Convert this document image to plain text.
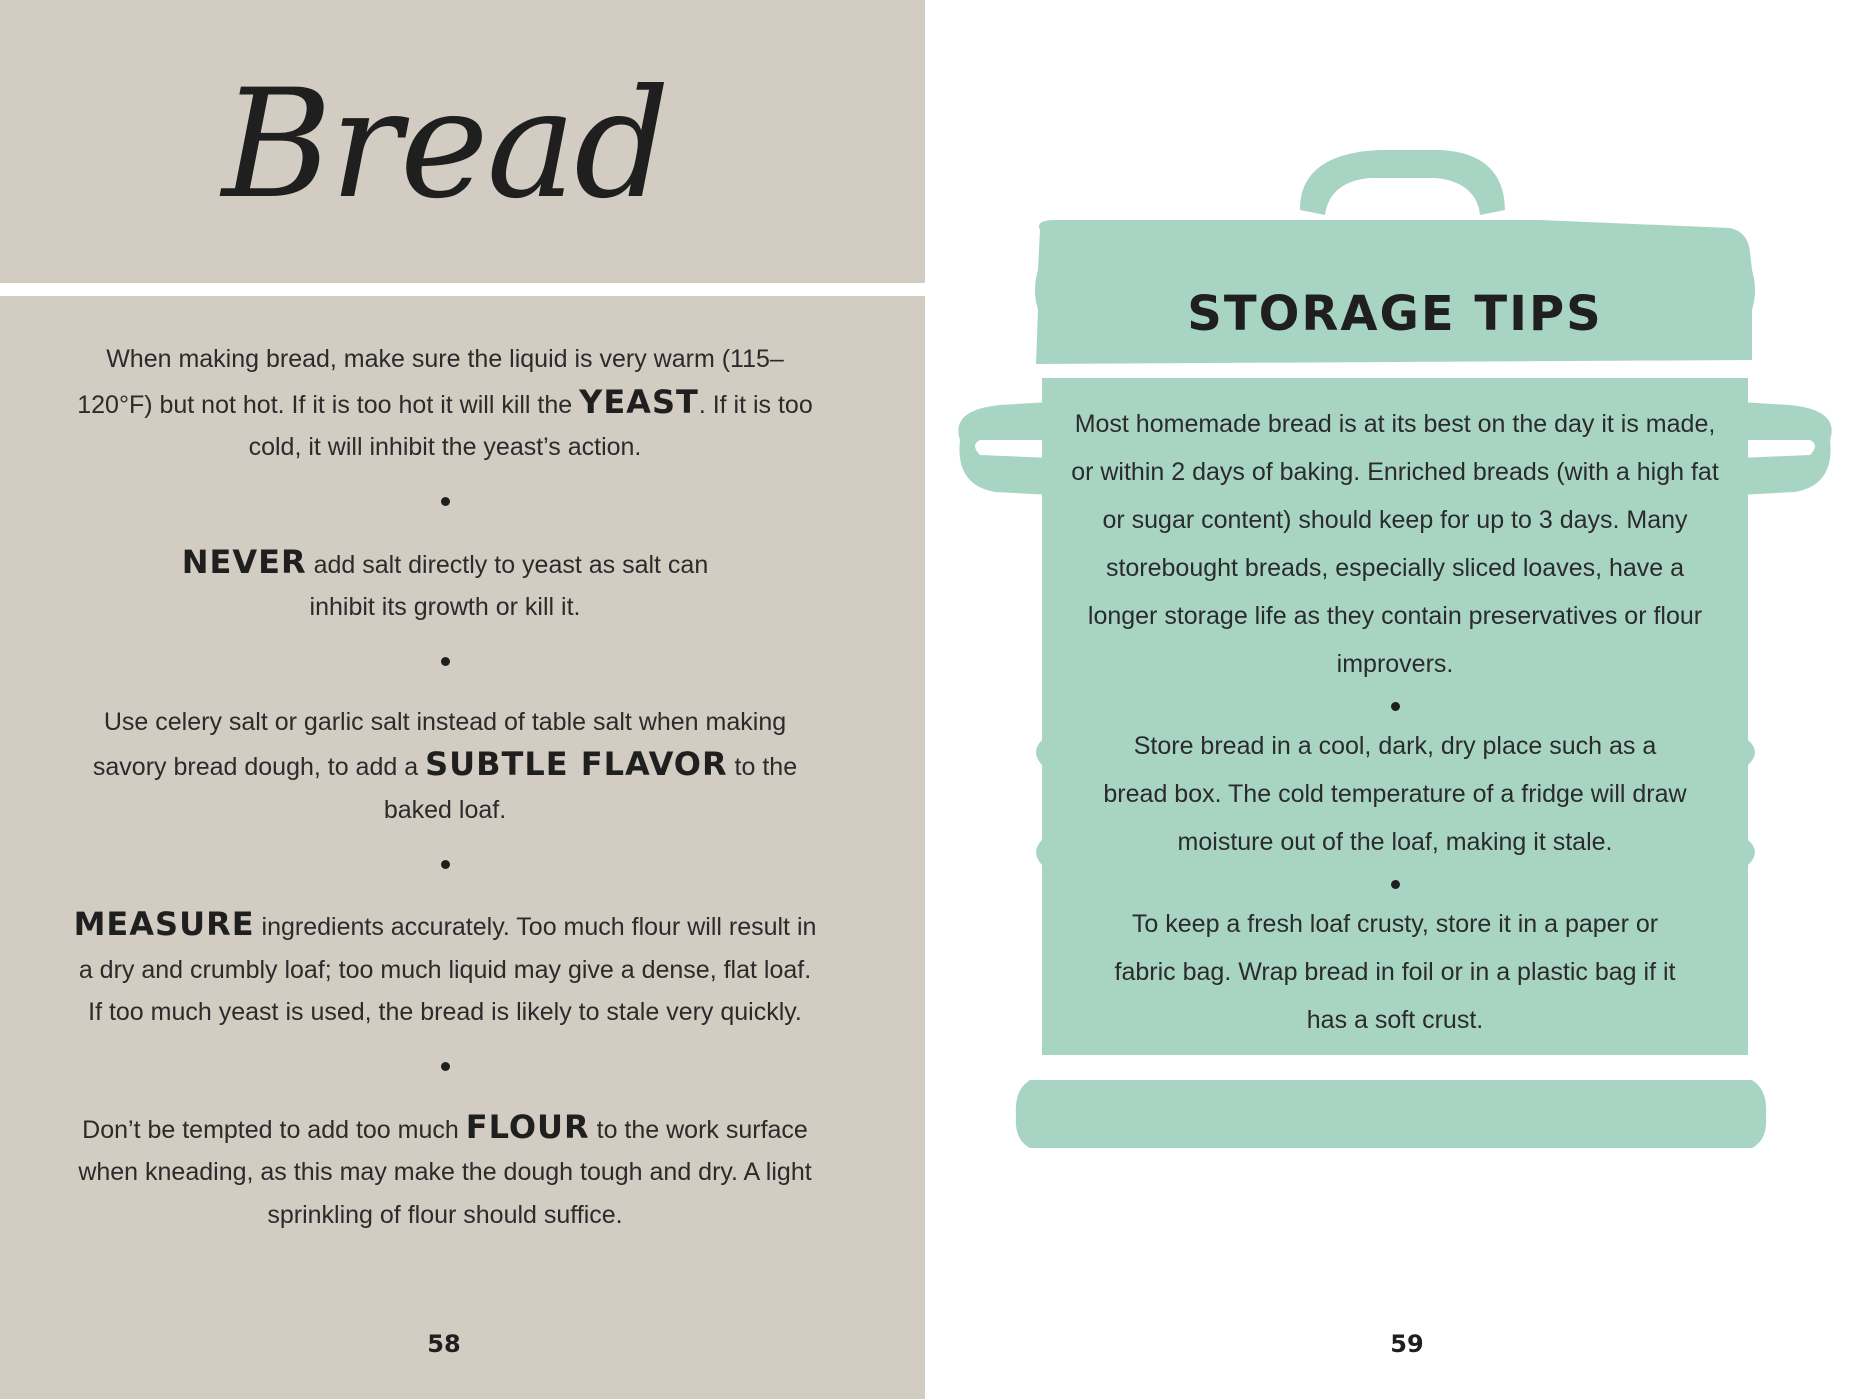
Bread

When making bread, make sure the liquid is very warm (115–120°F) but not hot. If it is too hot it will kill the YEAST. If it is too cold, it will inhibit the yeast’s action.

NEVER add salt directly to yeast as salt can inhibit its growth or kill it.

Use celery salt or garlic salt instead of table salt when making savory bread dough, to add a SUBTLE FLAVOR to the baked loaf.

MEASURE ingredients accurately. Too much flour will result in a dry and crumbly loaf; too much liquid may give a dense, flat loaf. If too much yeast is used, the bread is likely to stale very quickly.

Don’t be tempted to add too much FLOUR to the work surface when kneading, as this may make the dough tough and dry. A light sprinkling of flour should suffice.

58
STORAGE TIPS

Most homemade bread is at its best on the day it is made, or within 2 days of baking. Enriched breads (with a high fat or sugar content) should keep for up to 3 days. Many storebought breads, especially sliced loaves, have a longer storage life as they contain preservatives or flour improvers.

Store bread in a cool, dark, dry place such as a bread box. The cold temperature of a fridge will draw moisture out of the loaf, making it stale.

To keep a fresh loaf crusty, store it in a paper or fabric bag. Wrap bread in foil or in a plastic bag if it has a soft crust.

59
